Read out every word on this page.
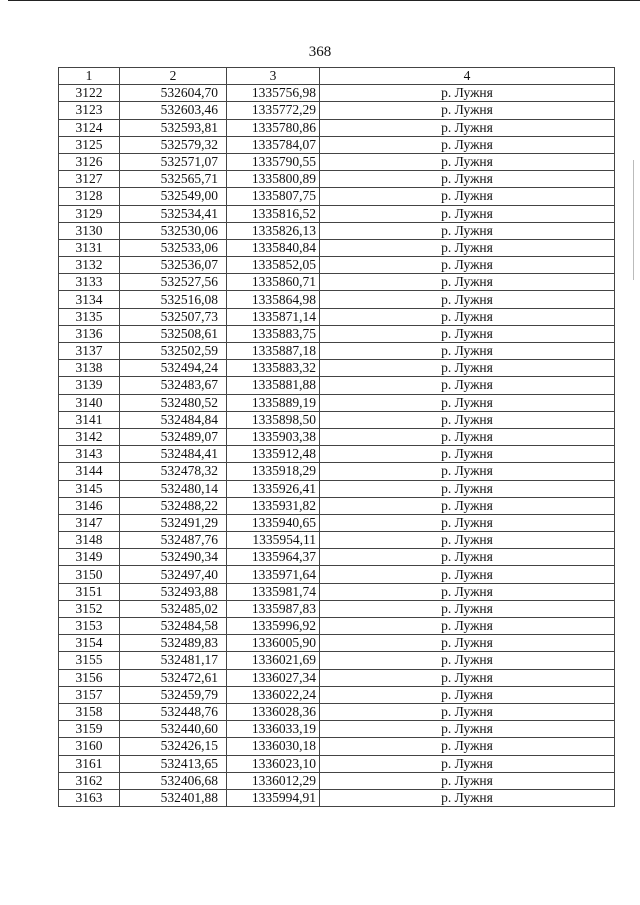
368
1	2	3	4
3122	532604,70	1335756,98	р. Лужня
3123	532603,46	1335772,29	р. Лужня
3124	532593,81	1335780,86	р. Лужня
3125	532579,32	1335784,07	р. Лужня
3126	532571,07	1335790,55	р. Лужня
3127	532565,71	1335800,89	р. Лужня
3128	532549,00	1335807,75	р. Лужня
3129	532534,41	1335816,52	р. Лужня
3130	532530,06	1335826,13	р. Лужня
3131	532533,06	1335840,84	р. Лужня
3132	532536,07	1335852,05	р. Лужня
3133	532527,56	1335860,71	р. Лужня
3134	532516,08	1335864,98	р. Лужня
3135	532507,73	1335871,14	р. Лужня
3136	532508,61	1335883,75	р. Лужня
3137	532502,59	1335887,18	р. Лужня
3138	532494,24	1335883,32	р. Лужня
3139	532483,67	1335881,88	р. Лужня
3140	532480,52	1335889,19	р. Лужня
3141	532484,84	1335898,50	р. Лужня
3142	532489,07	1335903,38	р. Лужня
3143	532484,41	1335912,48	р. Лужня
3144	532478,32	1335918,29	р. Лужня
3145	532480,14	1335926,41	р. Лужня
3146	532488,22	1335931,82	р. Лужня
3147	532491,29	1335940,65	р. Лужня
3148	532487,76	1335954,11	р. Лужня
3149	532490,34	1335964,37	р. Лужня
3150	532497,40	1335971,64	р. Лужня
3151	532493,88	1335981,74	р. Лужня
3152	532485,02	1335987,83	р. Лужня
3153	532484,58	1335996,92	р. Лужня
3154	532489,83	1336005,90	р. Лужня
3155	532481,17	1336021,69	р. Лужня
3156	532472,61	1336027,34	р. Лужня
3157	532459,79	1336022,24	р. Лужня
3158	532448,76	1336028,36	р. Лужня
3159	532440,60	1336033,19	р. Лужня
3160	532426,15	1336030,18	р. Лужня
3161	532413,65	1336023,10	р. Лужня
3162	532406,68	1336012,29	р. Лужня
3163	532401,88	1335994,91	р. Лужня
